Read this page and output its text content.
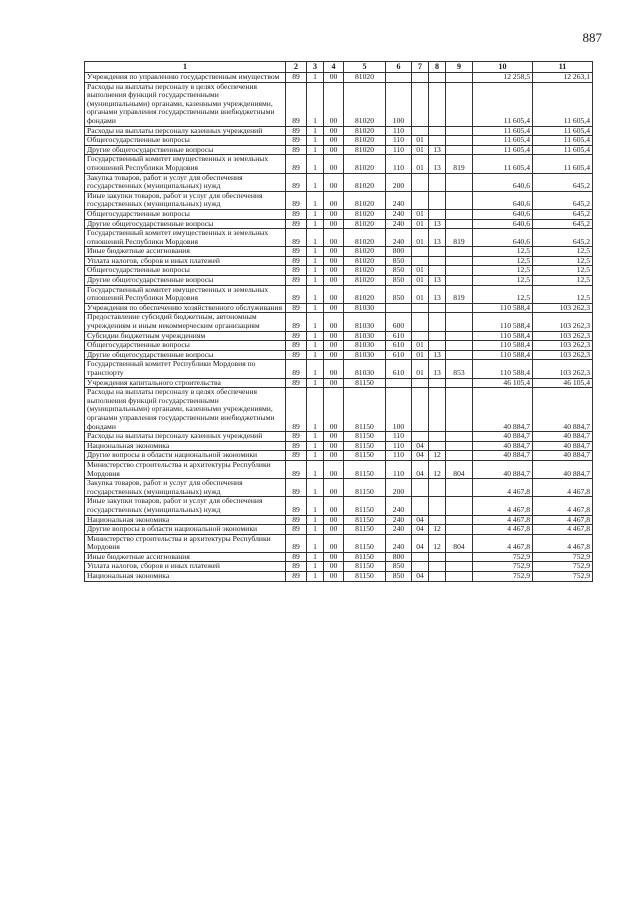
887
1	2	3	4	5	6	7	8	9	10	11
Учреждения по управлению государственным имуществом	89	1	00	81020					12 258,5	12 263,1
Расходы на выплаты персоналу в целях обеспечения выполнения функций государственными (муниципальными) органами, казенными учреждениями, органами управления государственными внебюджетными фондами	89	1	00	81020	100				11 605,4	11 605,4
Расходы на выплаты персоналу казенных учреждений	89	1	00	81020	110				11 605,4	11 605,4
Общегосударственные вопросы	89	1	00	81020	110	01			11 605,4	11 605,4
Другие общегосударственные вопросы	89	1	00	81020	110	01	13		11 605,4	11 605,4
Государственный комитет имущественных и земельных отношений Республики Мордовия	89	1	00	81020	110	01	13	819	11 605,4	11 605,4
Закупка товаров, работ и услуг для обеспечения государственных (муниципальных) нужд	89	1	00	81020	200				640,6	645,2
Иные закупки товаров, работ и услуг для обеспечения государственных (муниципальных) нужд	89	1	00	81020	240				640,6	645,2
Общегосударственные вопросы	89	1	00	81020	240	01			640,6	645,2
Другие общегосударственные вопросы	89	1	00	81020	240	01	13		640,6	645,2
Государственный комитет имущественных и земельных отношений Республики Мордовия	89	1	00	81020	240	01	13	819	640,6	645,2
Иные бюджетные ассигнования	89	1	00	81020	800				12,5	12,5
Уплата налогов, сборов и иных платежей	89	1	00	81020	850				12,5	12,5
Общегосударственные вопросы	89	1	00	81020	850	01			12,5	12,5
Другие общегосударственные вопросы	89	1	00	81020	850	01	13		12,5	12,5
Государственный комитет имущественных и земельных отношений Республики Мордовия	89	1	00	81020	850	01	13	819	12,5	12,5
Учреждения по обеспечению хозяйственного обслуживания	89	1	00	81030					110 588,4	103 262,3
Предоставление субсидий бюджетным, автономным учреждениям и иным некоммерческим организациям	89	1	00	81030	600				110 588,4	103 262,3
Субсидии бюджетным учреждениям	89	1	00	81030	610				110 588,4	103 262,3
Общегосударственные вопросы	89	1	00	81030	610	01			110 588,4	103 262,3
Другие общегосударственные вопросы	89	1	00	81030	610	01	13		110 588,4	103 262,3
Государственный комитет Республики Мордовия по транспорту	89	1	00	81030	610	01	13	853	110 588,4	103 262,3
Учреждения капитального строительства	89	1	00	81150					46 105,4	46 105,4
Расходы на выплаты персоналу в целях обеспечения выполнения функций государственными (муниципальными) органами, казенными учреждениями, органами управления государственными внебюджетными фондами	89	1	00	81150	100				40 884,7	40 884,7
Расходы на выплаты персоналу казенных учреждений	89	1	00	81150	110				40 884,7	40 884,7
Национальная экономика	89	1	00	81150	110	04			40 884,7	40 884,7
Другие вопросы в области национальной экономики	89	1	00	81150	110	04	12		40 884,7	40 884,7
Министерство строительства и архитектуры Республики Мордовия	89	1	00	81150	110	04	12	804	40 884,7	40 884,7
Закупка товаров, работ и услуг для обеспечения государственных (муниципальных) нужд	89	1	00	81150	200				4 467,8	4 467,8
Иные закупки товаров, работ и услуг для обеспечения государственных (муниципальных) нужд	89	1	00	81150	240				4 467,8	4 467,8
Национальная экономика	89	1	00	81150	240	04			4 467,8	4 467,8
Другие вопросы в области национальной экономики	89	1	00	81150	240	04	12		4 467,8	4 467,8
Министерство строительства и архитектуры Республики Мордовия	89	1	00	81150	240	04	12	804	4 467,8	4 467,8
Иные бюджетные ассигнования	89	1	00	81150	800				752,9	752,9
Уплата налогов, сборов и иных платежей	89	1	00	81150	850				752,9	752,9
Национальная экономика	89	1	00	81150	850	04			752,9	752,9
